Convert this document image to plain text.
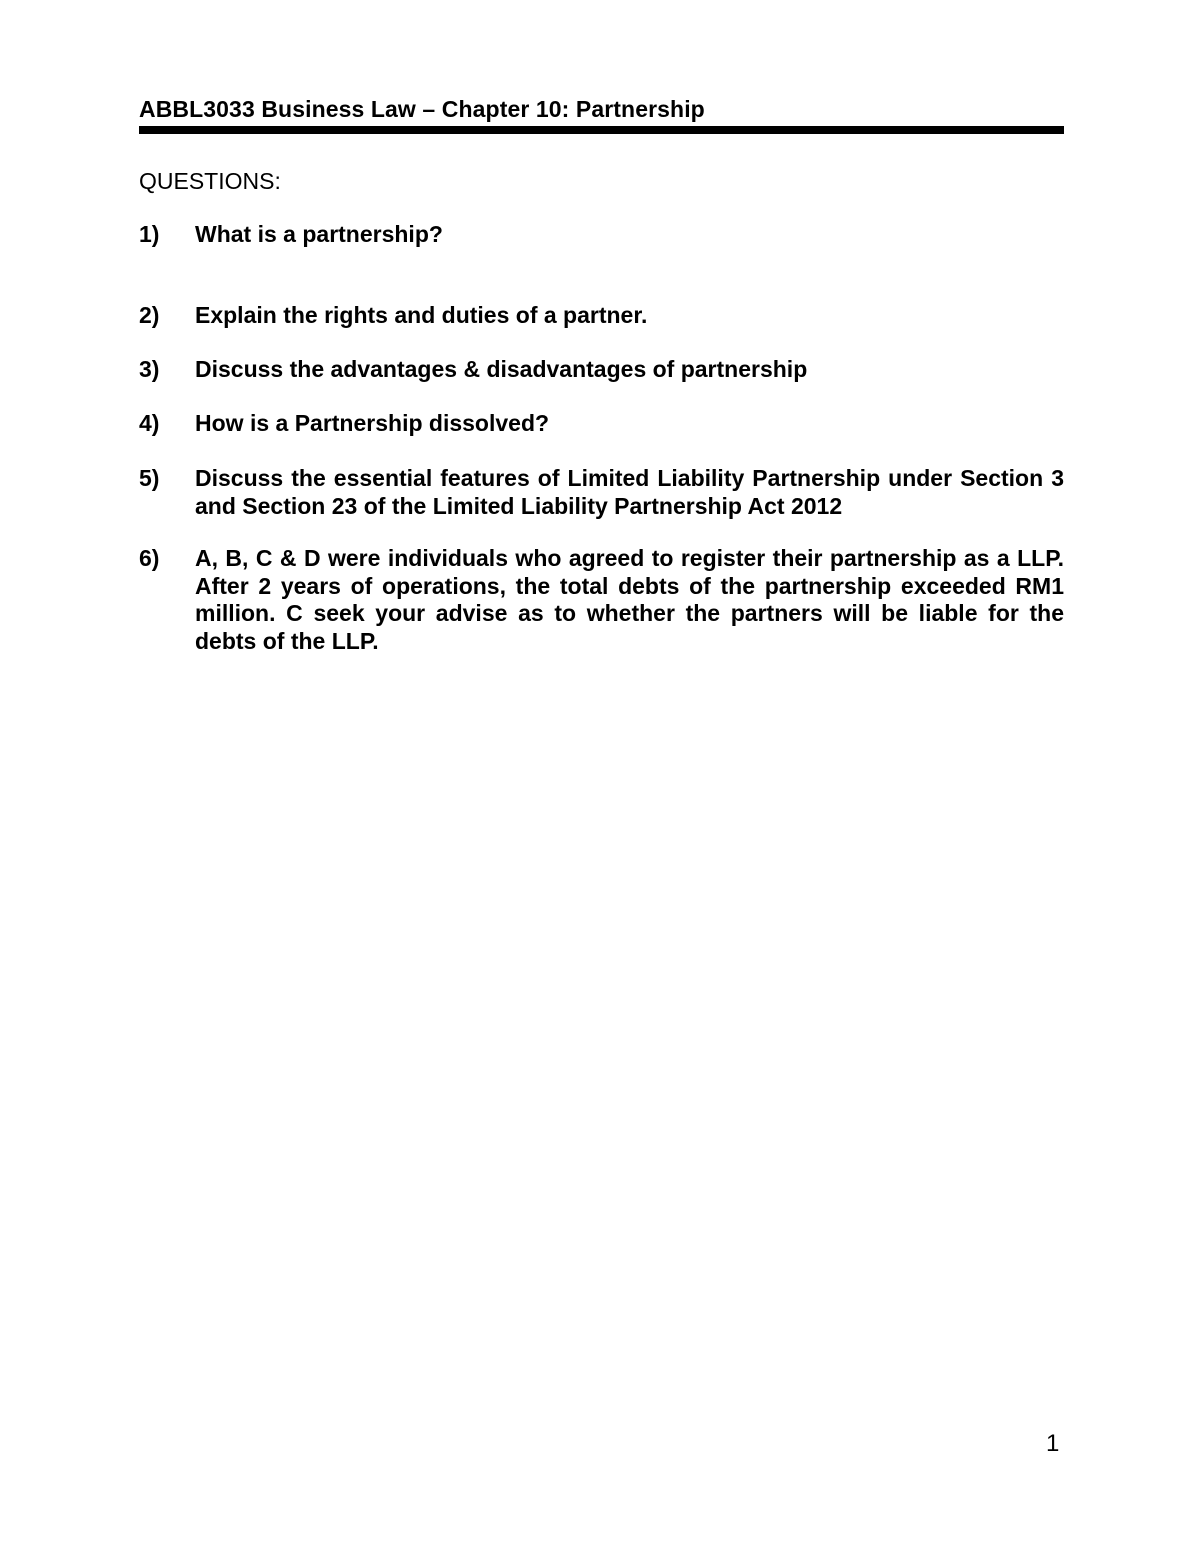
ABBL3033 Business Law – Chapter 10: Partnership
QUESTIONS:
1)	What is a partnership?
2)	Explain the rights and duties of a partner.
3)	Discuss the advantages & disadvantages of partnership
4)	How is a Partnership dissolved?
5)	Discuss the essential features of Limited Liability Partnership under Section 3 and Section 23 of the Limited Liability Partnership Act 2012
6)	A, B, C & D were individuals who agreed to register their partnership as a LLP. After 2 years of operations, the total debts of the partnership exceeded RM1 million. C seek your advise as to whether the partners will be liable for the debts of the LLP.
1
